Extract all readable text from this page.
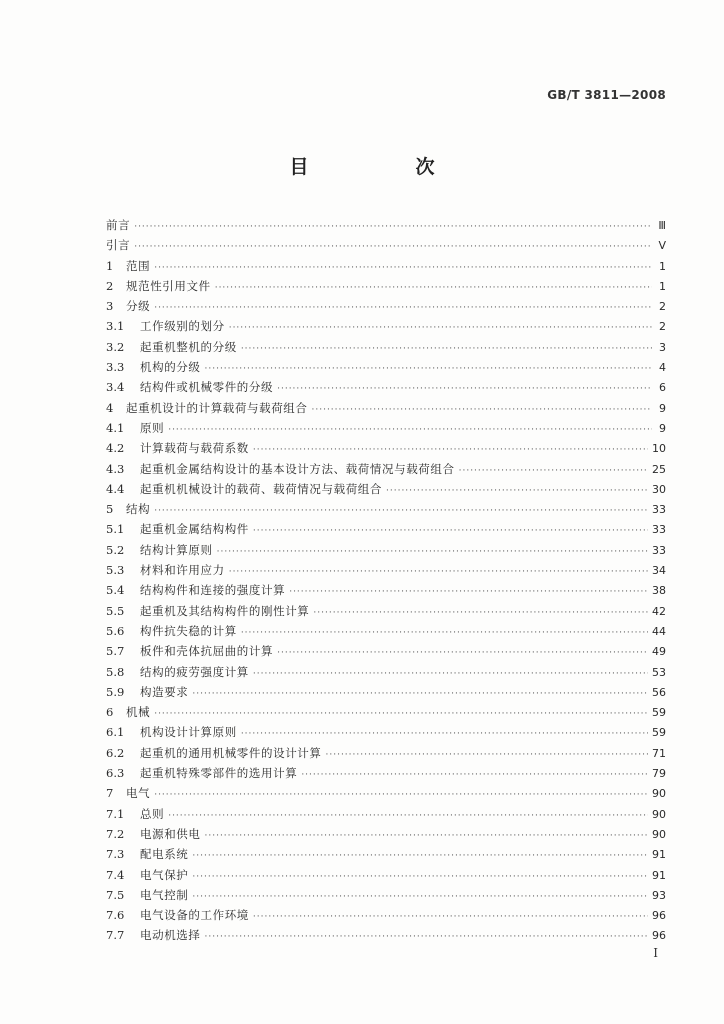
GB/T 3811—2008
目　次
前言 ·····	Ⅲ
引言 ·····	Ⅴ
1	范围 ·····	1
2	规范性引用文件 ·····	1
3	分级 ·····	2
3.1	工作级别的划分 ·····	2
3.2	起重机整机的分级 ·····	3
3.3	机构的分级 ·····	4
3.4	结构件或机械零件的分级 ·····	6
4	起重机设计的计算载荷与载荷组合 ·····	9
4.1	原则 ·····	9
4.2	计算载荷与载荷系数 ·····	10
4.3	起重机金属结构设计的基本设计方法、载荷情况与载荷组合 ·····	25
4.4	起重机机械设计的载荷、载荷情况与载荷组合 ·····	30
5	结构 ·····	33
5.1	起重机金属结构构件 ·····	33
5.2	结构计算原则 ·····	33
5.3	材料和许用应力 ·····	34
5.4	结构构件和连接的强度计算 ·····	38
5.5	起重机及其结构构件的刚性计算 ·····	42
5.6	构件抗失稳的计算 ·····	44
5.7	板件和壳体抗屈曲的计算 ·····	49
5.8	结构的疲劳强度计算 ·····	53
5.9	构造要求 ·····	56
6	机械 ·····	59
6.1	机构设计计算原则 ·····	59
6.2	起重机的通用机械零件的设计计算 ·····	71
6.3	起重机特殊零部件的选用计算 ·····	79
7	电气 ·····	90
7.1	总则 ·····	90
7.2	电源和供电 ·····	90
7.3	配电系统 ·····	91
7.4	电气保护 ·····	91
7.5	电气控制 ·····	93
7.6	电气设备的工作环境 ·····	96
7.7	电动机选择 ·····	96
Ⅰ
